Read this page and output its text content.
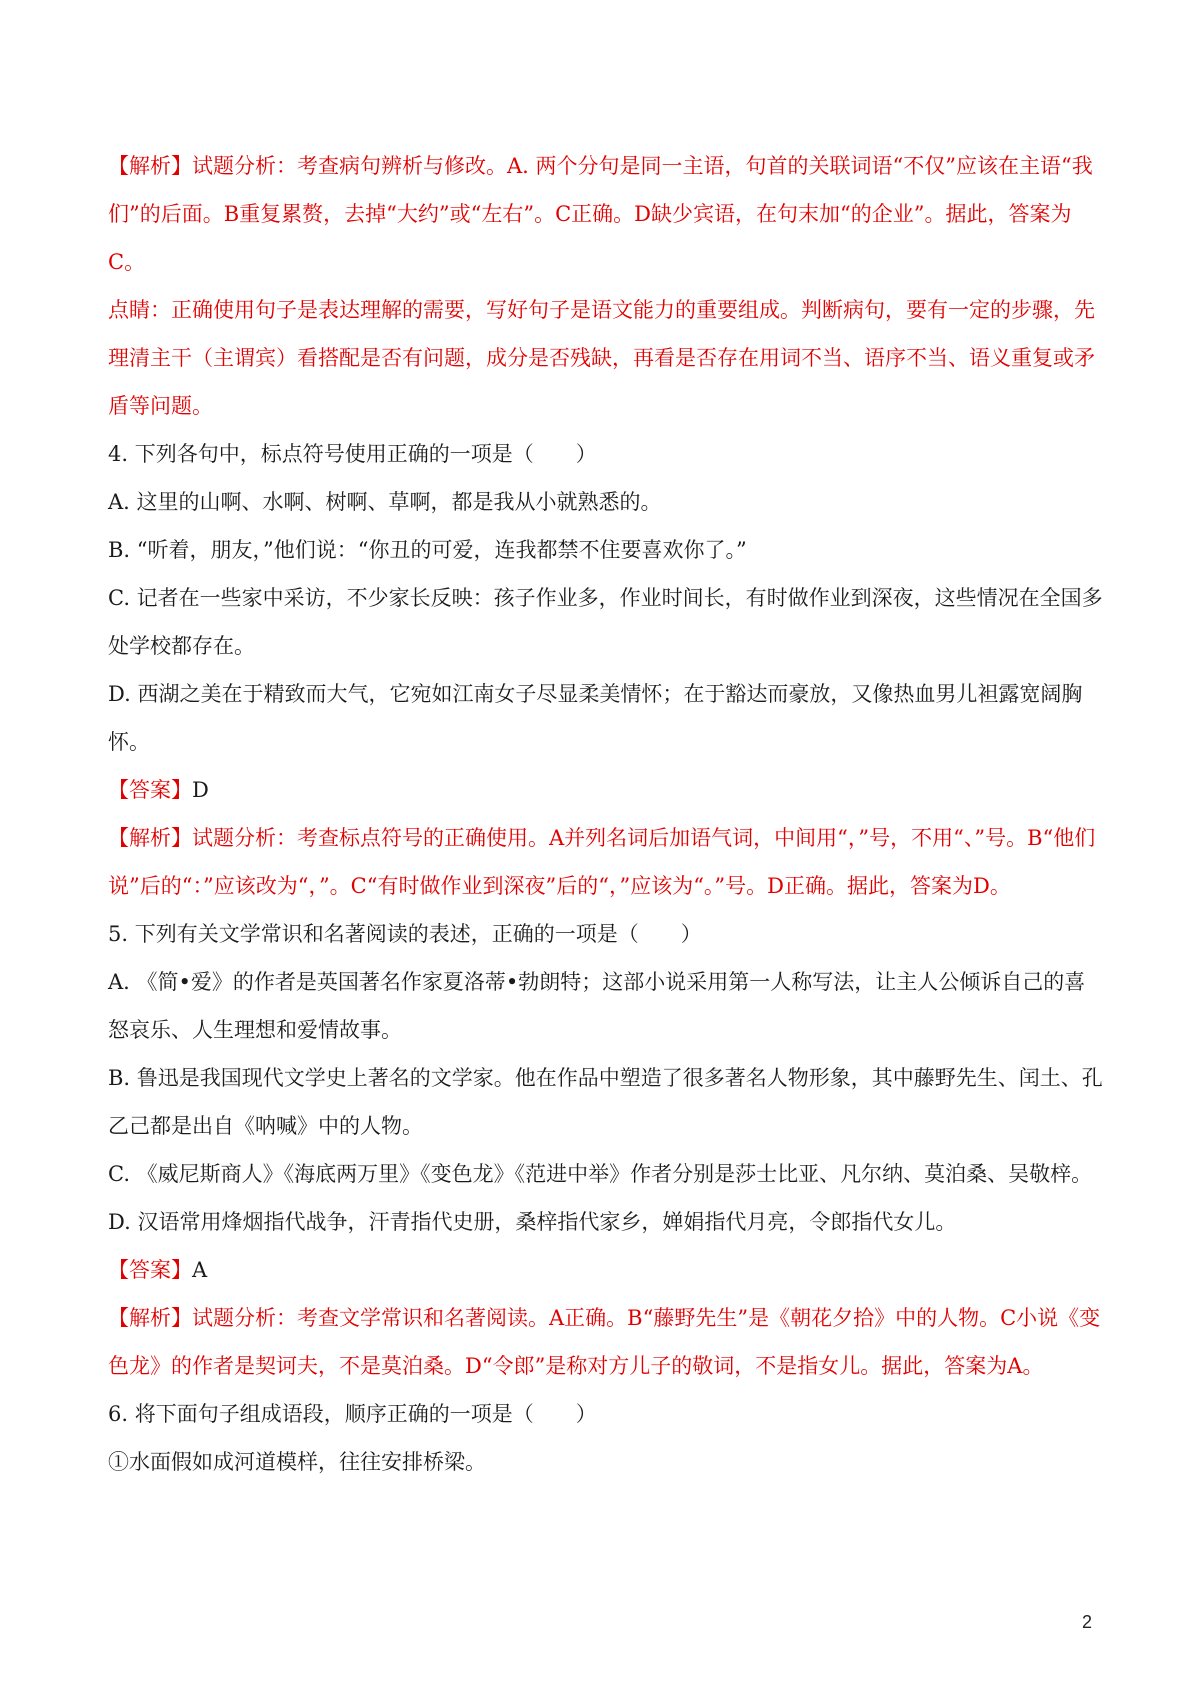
【解析】试题分析：考查病句辨析与修改。A. 两个分句是同一主语，句首的关联词语“不仅”应该在主语“我们”的后面。B重复累赘，去掉“大约”或“左右”。C正确。D缺少宾语，在句末加“的企业”。据此，答案为C。

点睛：正确使用句子是表达理解的需要，写好句子是语文能力的重要组成。判断病句，要有一定的步骤，先理清主干（主谓宾）看搭配是否有问题，成分是否残缺，再看是否存在用词不当、语序不当、语义重复或矛盾等问题。

4. 下列各句中，标点符号使用正确的一项是（　　）

A. 这里的山啊、水啊、树啊、草啊，都是我从小就熟悉的。

B. “听着，朋友，”他们说：“你丑的可爱，连我都禁不住要喜欢你了。”

C. 记者在一些家中采访，不少家长反映：孩子作业多，作业时间长，有时做作业到深夜，这些情况在全国多处学校都存在。

D. 西湖之美在于精致而大气，它宛如江南女子尽显柔美情怀；在于豁达而豪放，又像热血男儿袒露宽阔胸怀。

【答案】D

【解析】试题分析：考查标点符号的正确使用。A并列名词后加语气词，中间用“，”号，不用“、”号。B“他们说”后的“：”应该改为“，”。C“有时做作业到深夜”后的“，”应该为“。”号。D正确。据此，答案为D。

5. 下列有关文学常识和名著阅读的表述，正确的一项是（　　）

A. 《简•爱》的作者是英国著名作家夏洛蒂•勃朗特；这部小说采用第一人称写法，让主人公倾诉自己的喜怒哀乐、人生理想和爱情故事。

B. 鲁迅是我国现代文学史上著名的文学家。他在作品中塑造了很多著名人物形象，其中藤野先生、闰土、孔乙己都是出自《呐喊》中的人物。

C. 《威尼斯商人》《海底两万里》《变色龙》《范进中举》作者分别是莎士比亚、凡尔纳、莫泊桑、吴敬梓。

D. 汉语常用烽烟指代战争，汗青指代史册，桑梓指代家乡，婵娟指代月亮，令郎指代女儿。

【答案】A

【解析】试题分析：考查文学常识和名著阅读。A正确。B“藤野先生”是《朝花夕拾》中的人物。C小说《变色龙》的作者是契诃夫，不是莫泊桑。D“令郎”是称对方儿子的敬词，不是指女儿。据此，答案为A。

6. 将下面句子组成语段，顺序正确的一项是（　　）

①水面假如成河道模样，往往安排桥梁。

2
